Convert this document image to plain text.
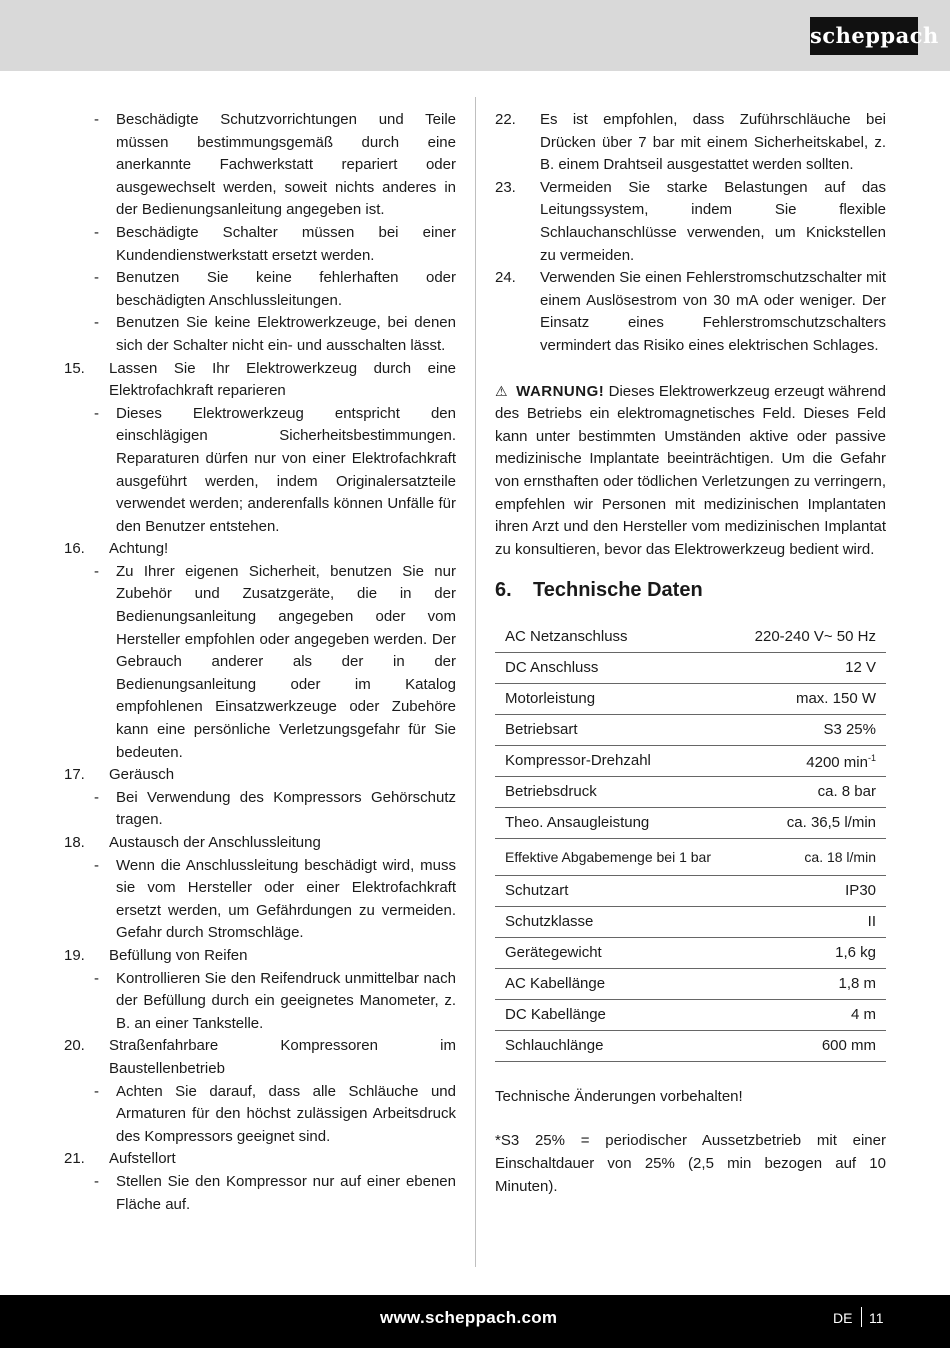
scheppach
-	Beschädigte Schutzvorrichtungen und Teile müssen bestimmungsgemäß durch eine anerkannte Fachwerkstatt repariert oder ausgewechselt werden, soweit nichts anderes in der Bedienungsanleitung angegeben ist.
-	Beschädigte Schalter müssen bei einer Kundendienstwerkstatt ersetzt werden.
-	Benutzen Sie keine fehlerhaften oder beschädigten Anschlussleitungen.
-	Benutzen Sie keine Elektrowerkzeuge, bei denen sich der Schalter nicht ein- und ausschalten lässt.
15.	Lassen Sie Ihr Elektrowerkzeug durch eine Elektrofachkraft reparieren
-	Dieses Elektrowerkzeug entspricht den einschlägigen Sicherheitsbestimmungen. Reparaturen dürfen nur von einer Elektrofachkraft ausgeführt werden, indem Originalersatzteile verwendet werden; anderenfalls können Unfälle für den Benutzer entstehen.
16.	Achtung!
-	Zu Ihrer eigenen Sicherheit, benutzen Sie nur Zubehör und Zusatzgeräte, die in der Bedienungsanleitung angegeben oder vom Hersteller empfohlen oder angegeben werden. Der Gebrauch anderer als der in der Bedienungsanleitung oder im Katalog empfohlenen Einsatzwerkzeuge oder Zubehöre kann eine persönliche Verletzungsgefahr für Sie bedeuten.
17.	Geräusch
-	Bei Verwendung des Kompressors Gehörschutz tragen.
18.	Austausch der Anschlussleitung
-	Wenn die Anschlussleitung beschädigt wird, muss sie vom Hersteller oder einer Elektrofachkraft ersetzt werden, um Gefährdungen zu vermeiden. Gefahr durch Stromschläge.
19.	Befüllung von Reifen
-	Kontrollieren Sie den Reifendruck unmittelbar nach der Befüllung durch ein geeignetes Manometer, z. B. an einer Tankstelle.
20.	Straßenfahrbare Kompressoren im Baustellenbetrieb
-	Achten Sie darauf, dass alle Schläuche und Armaturen für den höchst zulässigen Arbeitsdruck des Kompressors geeignet sind.
21.	Aufstellort
-	Stellen Sie den Kompressor nur auf einer ebenen Fläche auf.
22.	Es ist empfohlen, dass Zuführschläuche bei Drücken über 7 bar mit einem Sicherheitskabel, z. B. einem Drahtseil ausgestattet werden sollten.
23.	Vermeiden Sie starke Belastungen auf das Leitungssystem, indem Sie flexible Schlauchanschlüsse verwenden, um Knickstellen zu vermeiden.
24.	Verwenden Sie einen Fehlerstromschutzschalter mit einem Auslösestrom von 30 mA oder weniger. Der Einsatz eines Fehlerstromschutzschalters vermindert das Risiko eines elektrischen Schlages.
⚠ WARNUNG! Dieses Elektrowerkzeug erzeugt während des Betriebs ein elektromagnetisches Feld. Dieses Feld kann unter bestimmten Umständen aktive oder passive medizinische Implantate beeinträchtigen. Um die Gefahr von ernsthaften oder tödlichen Verletzungen zu verringern, empfehlen wir Personen mit medizinischen Implantaten ihren Arzt und den Hersteller vom medizinischen Implantat zu konsultieren, bevor das Elektrowerkzeug bedient wird.
6.	Technische Daten
AC Netzanschluss	220-240 V~ 50 Hz
DC Anschluss	12 V
Motorleistung	max. 150 W
Betriebsart	S3 25%
Kompressor-Drehzahl	4200 $\min^{-1}$
Betriebsdruck	ca. 8 bar
Theo. Ansaugleistung	ca. 36,5 l/min
Effektive Abgabemenge bei 1 bar	ca. 18 l/min
Schutzart	IP30
Schutzklasse	II
Gerätegewicht	1,6 kg
AC Kabellänge	1,8 m
DC Kabellänge	4 m
Schlauchlänge	600 mm
Technische Änderungen vorbehalten!
*S3 25% = periodischer Aussetzbetrieb mit einer Einschaltdauer von 25% (2,5 min bezogen auf 10 Minuten).
www.scheppach.com	DE 11
